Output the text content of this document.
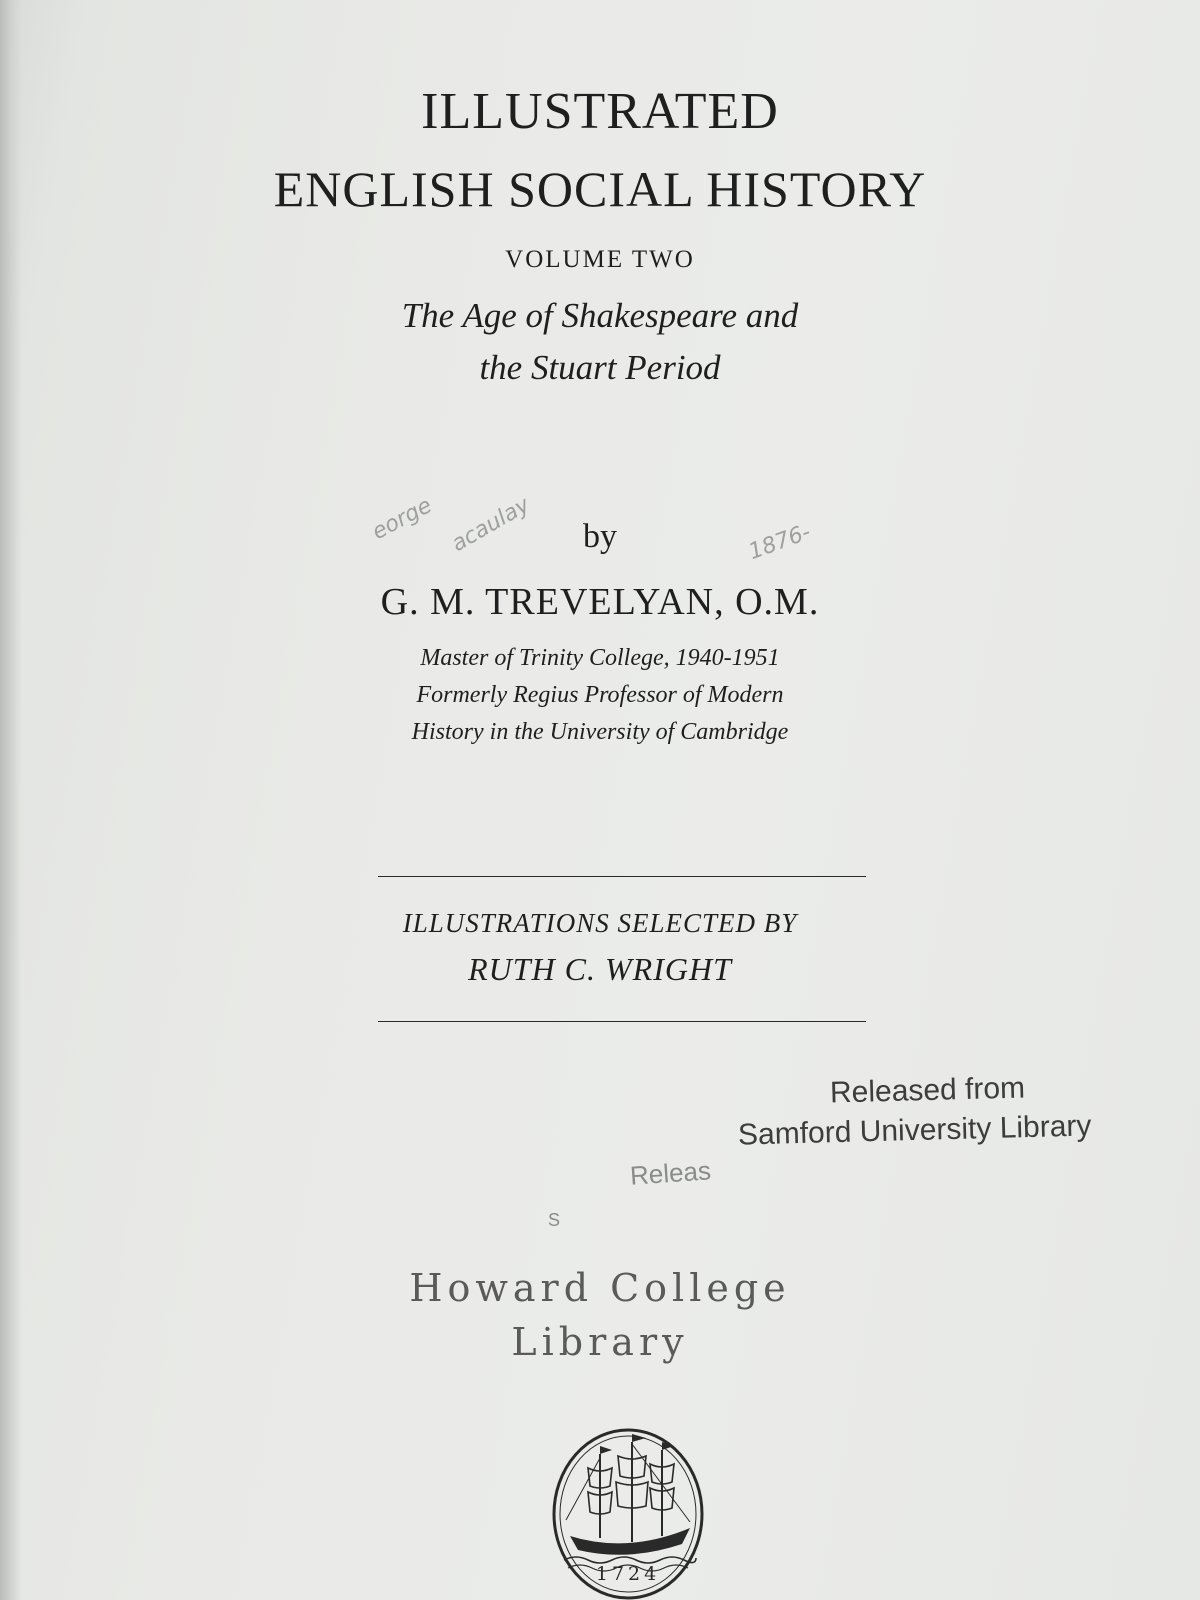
ILLUSTRATED
ENGLISH SOCIAL HISTORY
VOLUME TWO
The Age of Shakespeare and
the Stuart Period
eorge acaulay	1876-
by
G. M. TREVELYAN, O.M.
Master of Trinity College, 1940-1951
Formerly Regius Professor of Modern
History in the University of Cambridge
ILLUSTRATIONS SELECTED BY
RUTH C. WRIGHT
Released from
Samford University Library
Releas
S
Howard College
Library
1724
